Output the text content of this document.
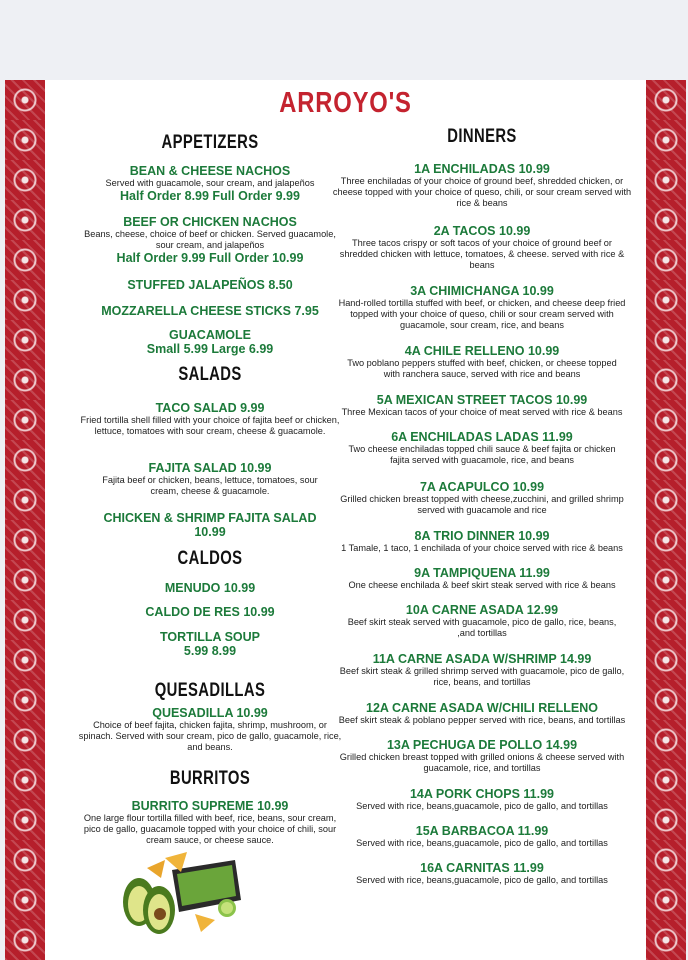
ARROYO'S
APPETIZERS
BEAN & CHEESE NACHOS
Served with guacamole, sour cream, and jalapeños
Half Order 8.99 Full Order 9.99
BEEF OR CHICKEN NACHOS
Beans, cheese, choice of beef or chicken. Served guacamole, sour cream, and jalapeños
Half Order 9.99 Full Order 10.99
STUFFED JALAPEÑOS 8.50
MOZZARELLA CHEESE STICKS 7.95
GUACAMOLE
Small 5.99 Large 6.99
SALADS
TACO SALAD 9.99
Fried tortilla shell filled with your choice of fajita beef or chicken, lettuce, tomatoes with sour cream, cheese & guacamole.
FAJITA SALAD 10.99
Fajita beef or chicken, beans, lettuce, tomatoes, sour cream, cheese & guacamole.
CHICKEN & SHRIMP FAJITA SALAD
10.99
CALDOS
MENUDO 10.99
CALDO DE RES 10.99
TORTILLA SOUP
5.99 8.99
QUESADILLAS
QUESADILLA 10.99
Choice of beef fajita, chicken fajita, shrimp, mushroom, or spinach. Served with sour cream, pico de gallo, guacamole, rice, and beans.
BURRITOS
BURRITO SUPREME 10.99
One large flour tortilla filled with beef, rice, beans, sour cream, pico de gallo, guacamole topped with your choice of chili, sour cream sauce, or cheese sauce.
DINNERS
1A ENCHILADAS 10.99
Three enchiladas of your choice of ground beef, shredded chicken, or cheese topped with your choice of queso, chili, or sour cream served with rice & beans
2A TACOS 10.99
Three tacos crispy or soft tacos of your choice of ground beef or shredded chicken with lettuce, tomatoes, & cheese. served with rice & beans
3A CHIMICHANGA 10.99
Hand-rolled tortilla stuffed with beef, or chicken, and cheese deep fried topped with your choice of queso, chili or sour cream served with guacamole, sour cream, rice, and beans
4A CHILE RELLENO 10.99
Two poblano peppers stuffed with beef, chicken, or cheese topped with ranchera sauce, served with rice and beans
5A MEXICAN STREET TACOS 10.99
Three Mexican tacos of your choice of meat served with rice & beans
6A ENCHILADAS LADAS 11.99
Two cheese enchiladas topped chili sauce & beef fajita or chicken fajita served with guacamole, rice, and beans
7A ACAPULCO 10.99
Grilled chicken breast topped with cheese,zucchini, and grilled shrimp served with guacamole and rice
8A TRIO DINNER 10.99
1 Tamale, 1 taco, 1 enchilada of your choice served with rice & beans
9A TAMPIQUENA 11.99
One cheese enchilada & beef skirt steak served with rice & beans
10A CARNE ASADA 12.99
Beef skirt steak served with guacamole, pico de gallo, rice, beans, ,and tortillas
11A CARNE ASADA W/SHRIMP 14.99
Beef skirt steak & grilled shrimp served with guacamole, pico de gallo, rice, beans, and tortillas
12A CARNE ASADA W/CHILI RELLENO
Beef skirt steak & poblano pepper served with rice, beans, and tortillas
13A PECHUGA DE POLLO 14.99
Grilled chicken breast topped with grilled onions & cheese served with guacamole, rice, and tortillas
14A PORK CHOPS 11.99
Served with rice, beans,guacamole, pico de gallo, and tortillas
15A BARBACOA 11.99
Served with rice, beans,guacamole, pico de gallo, and tortillas
16A CARNITAS 11.99
Served with rice, beans,guacamole, pico de gallo, and tortillas
